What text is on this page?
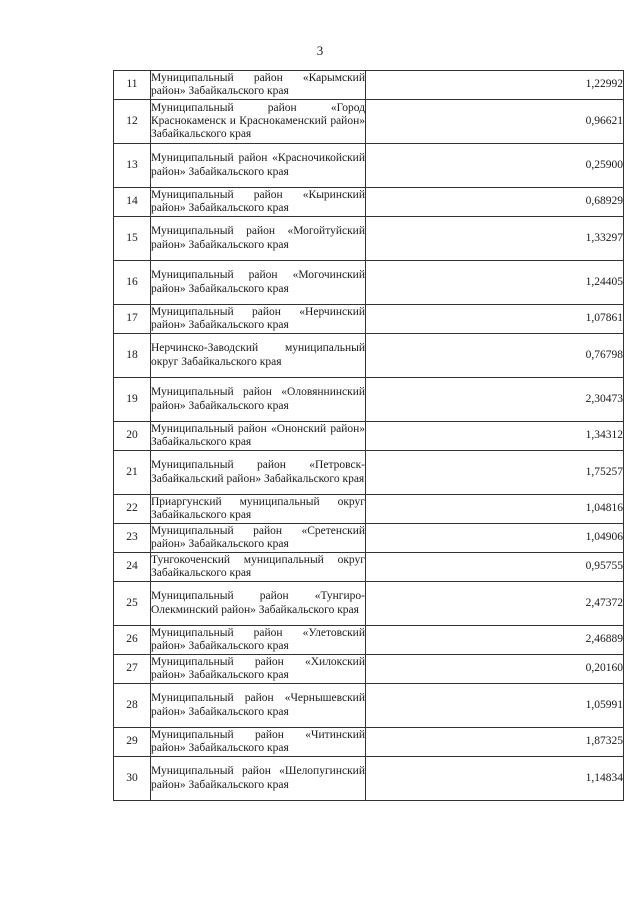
3
11	Муниципальный район «Карымский район» Забайкальского края	1,22992
12	Муниципальный район «Город Краснокаменск и Краснокаменский район» Забайкальского края	0,96621
13	Муниципальный район «Красночикойский район» Забайкальского края	0,25900
14	Муниципальный район «Кыринский район» Забайкальского края	0,68929
15	Муниципальный район «Могойтуйский район» Забайкальского края	1,33297
16	Муниципальный район «Могочинский район» Забайкальского края	1,24405
17	Муниципальный район «Нерчинский район» Забайкальского края	1,07861
18	Нерчинско-Заводский муниципальный округ Забайкальского края	0,76798
19	Муниципальный район «Оловяннинский район» Забайкальского края	2,30473
20	Муниципальный район «Ононский район» Забайкальского края	1,34312
21	Муниципальный район «Петровск-Забайкальский район» Забайкальского края	1,75257
22	Приаргунский муниципальный округ Забайкальского края	1,04816
23	Муниципальный район «Сретенский район» Забайкальского края	1,04906
24	Тунгокоченский муниципальный округ Забайкальского края	0,95755
25	Муниципальный район «Тунгиро-Олекминский район» Забайкальского края	2,47372
26	Муниципальный район «Улетовский район» Забайкальского края	2,46889
27	Муниципальный район «Хилокский район» Забайкальского края	0,20160
28	Муниципальный район «Чернышевский район» Забайкальского края	1,05991
29	Муниципальный район «Читинский район» Забайкальского края	1,87325
30	Муниципальный район «Шелопугинский район» Забайкальского края	1,14834
